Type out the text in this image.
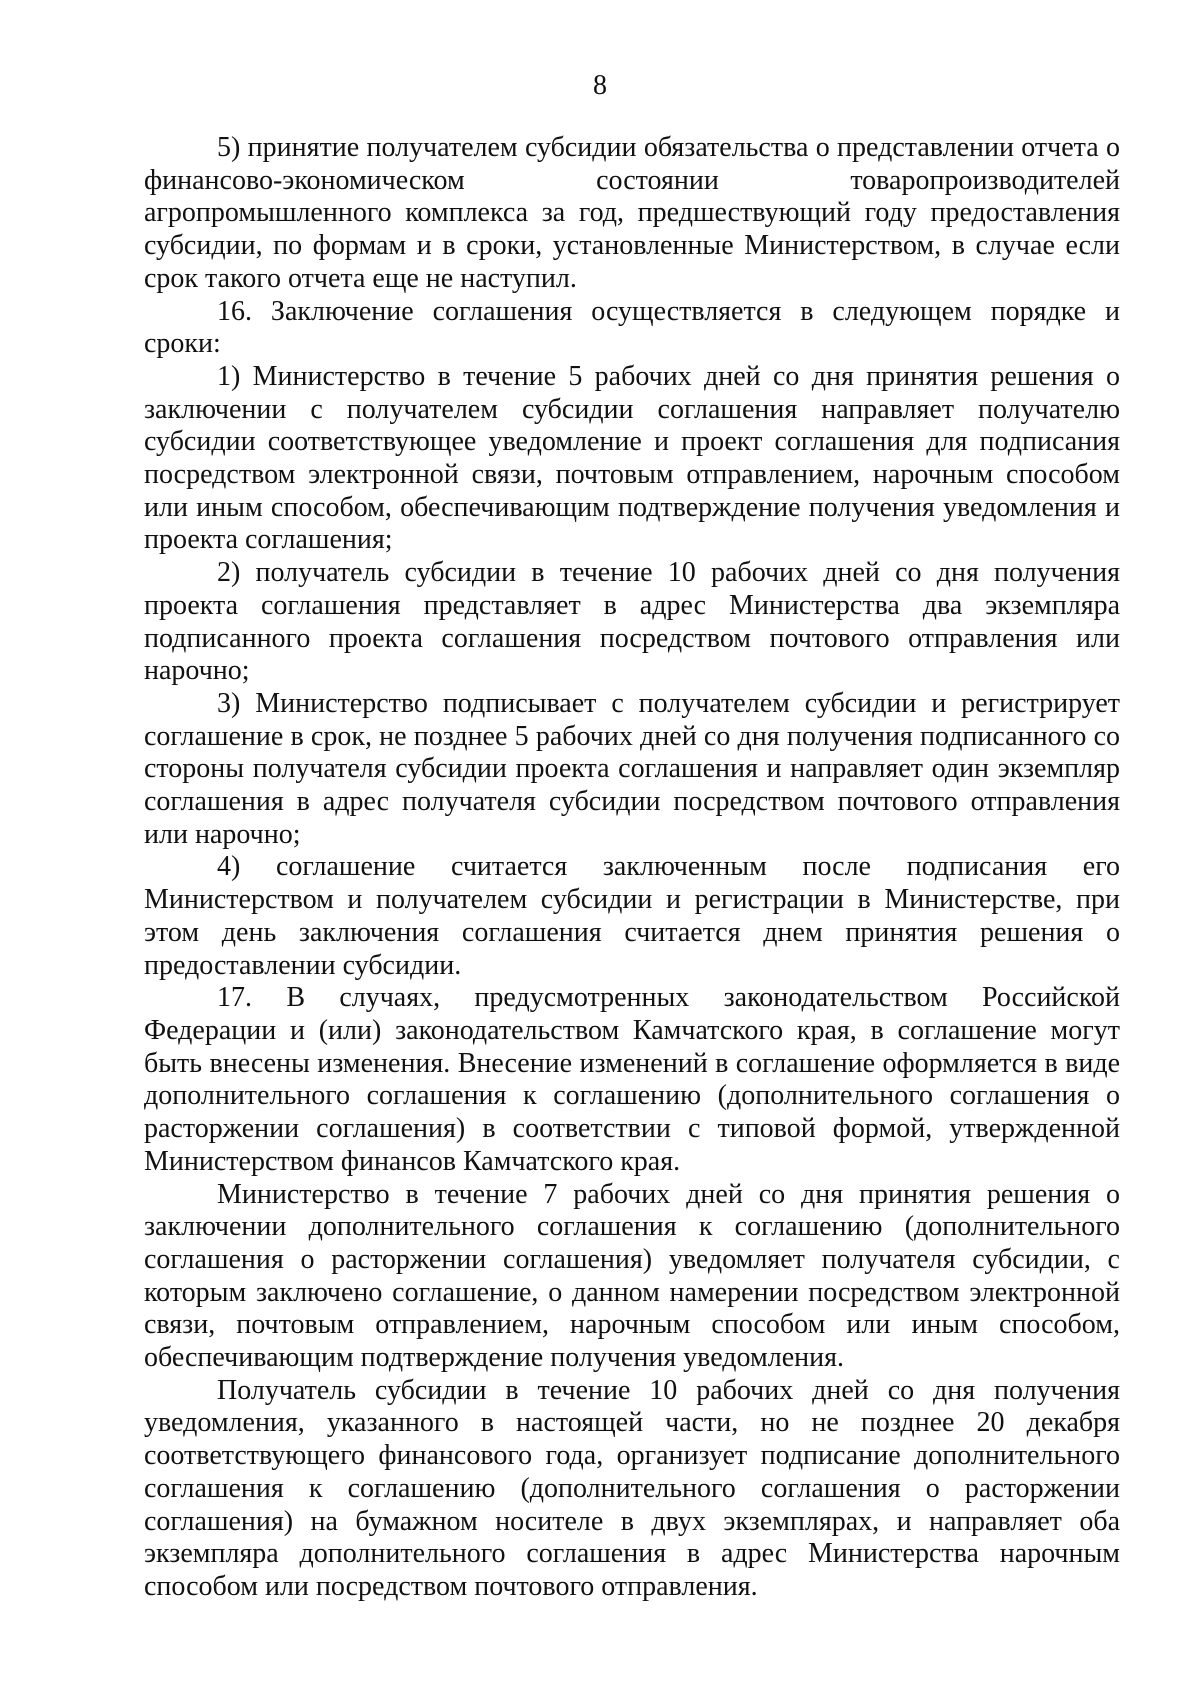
8

5) принятие получателем субсидии обязательства о представлении отчета о финансово-экономическом состоянии товаропроизводителей агропромышленного комплекса за год, предшествующий году предоставления субсидии, по формам и в сроки, установленные Министерством, в случае если срок такого отчета еще не наступил.

16. Заключение соглашения осуществляется в следующем порядке и сроки:

1) Министерство в течение 5 рабочих дней со дня принятия решения о заключении с получателем субсидии соглашения направляет получателю субсидии соответствующее уведомление и проект соглашения для подписания посредством электронной связи, почтовым отправлением, нарочным способом или иным способом, обеспечивающим подтверждение получения уведомления и проекта соглашения;

2) получатель субсидии в течение 10 рабочих дней со дня получения проекта соглашения представляет в адрес Министерства два экземпляра подписанного проекта соглашения посредством почтового отправления или нарочно;

3) Министерство подписывает с получателем субсидии и регистрирует соглашение в срок, не позднее 5 рабочих дней со дня получения подписанного со стороны получателя субсидии проекта соглашения и направляет один экземпляр соглашения в адрес получателя субсидии посредством почтового отправления или нарочно;

4) соглашение считается заключенным после подписания его Министерством и получателем субсидии и регистрации в Министерстве, при этом день заключения соглашения считается днем принятия решения о предоставлении субсидии.

17. В случаях, предусмотренных законодательством Российской Федерации и (или) законодательством Камчатского края, в соглашение могут быть внесены изменения. Внесение изменений в соглашение оформляется в виде дополнительного соглашения к соглашению (дополнительного соглашения о расторжении соглашения) в соответствии с типовой формой, утвержденной Министерством финансов Камчатского края.

Министерство в течение 7 рабочих дней со дня принятия решения о заключении дополнительного соглашения к соглашению (дополнительного соглашения о расторжении соглашения) уведомляет получателя субсидии, с которым заключено соглашение, о данном намерении посредством электронной связи, почтовым отправлением, нарочным способом или иным способом, обеспечивающим подтверждение получения уведомления.

Получатель субсидии в течение 10 рабочих дней со дня получения уведомления, указанного в настоящей части, но не позднее 20 декабря соответствующего финансового года, организует подписание дополнительного соглашения к соглашению (дополнительного соглашения о расторжении соглашения) на бумажном носителе в двух экземплярах, и направляет оба экземпляра дополнительного соглашения в адрес Министерства нарочным способом или посредством почтового отправления.
